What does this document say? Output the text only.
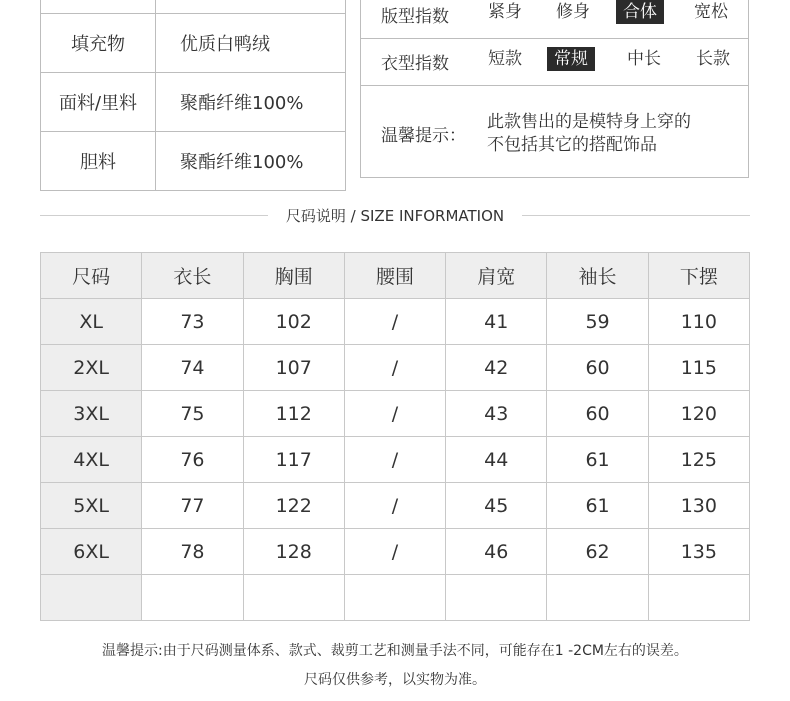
填充物	优质白鸭绒
面料/里料	聚酯纤维100%
胆料	聚酯纤维100%
版型指数	紧身	修身	合体	宽松
衣型指数	短款	常规	中长	长款
温馨提示：
此款售出的是模特身上穿的
不包括其它的搭配饰品
尺码说明 / SIZE INFORMATION
尺码	衣长	胸围	腰围	肩宽	袖长	下摆
XL	73	102	/	41	59	110
2XL	74	107	/	42	60	115
3XL	75	112	/	43	60	120
4XL	76	117	/	44	61	125
5XL	77	122	/	45	61	130
6XL	78	128	/	46	62	135

温馨提示:由于尺码测量体系、款式、裁剪工艺和测量手法不同，可能存在1 -2CM左右的误差。
尺码仅供参考，以实物为准。
